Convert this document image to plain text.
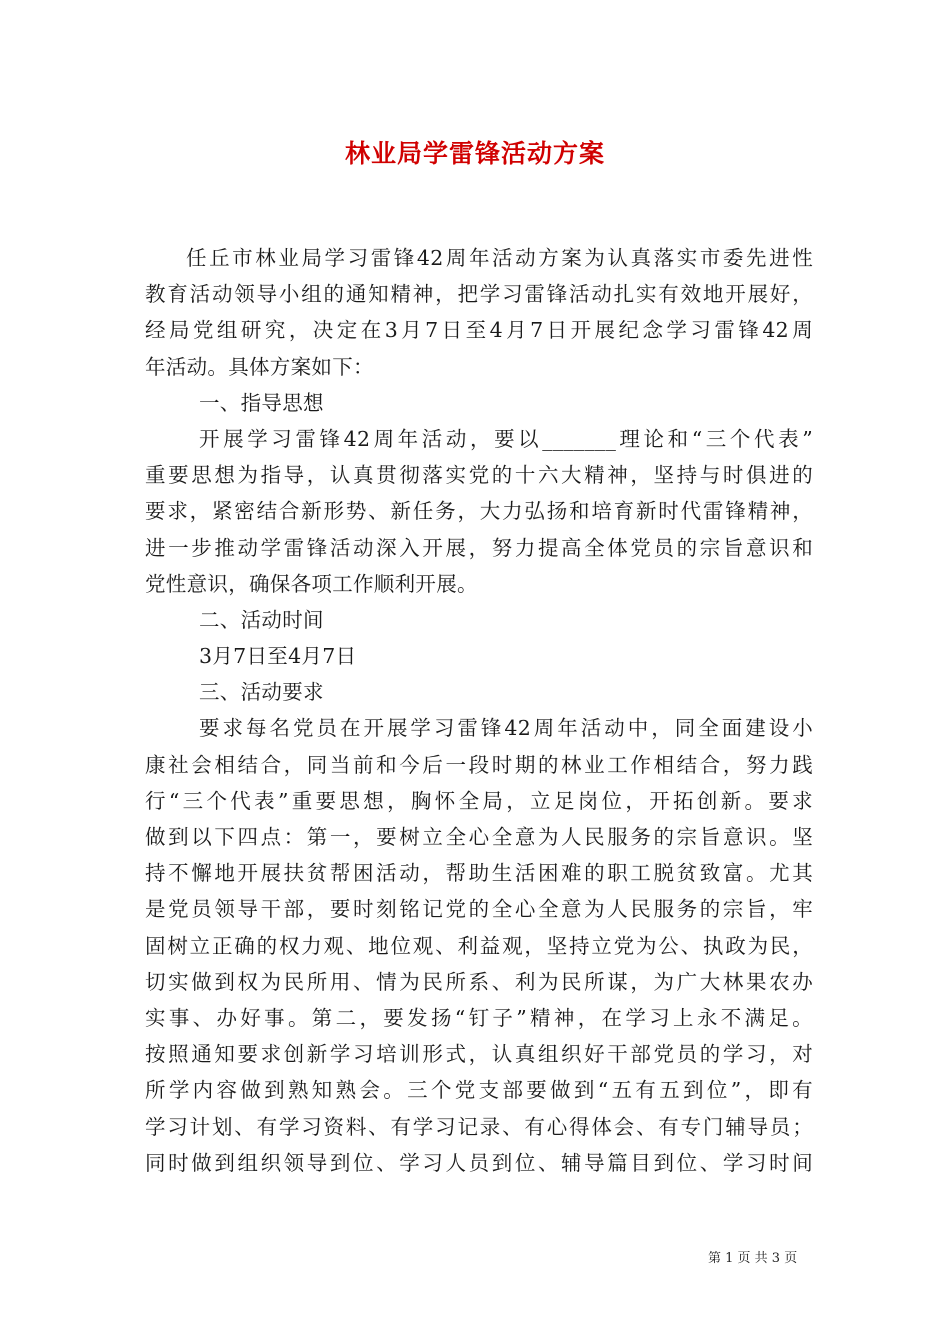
林业局学雷锋活动方案
任丘市林业局学习雷锋42周年活动方案为认真落实市委先进性
教育活动领导小组的通知精神，把学习雷锋活动扎实有效地开展好，
经局党组研究，决定在3月7日至4月7日开展纪念学习雷锋42周
年活动。具体方案如下：
一、指导思想
开展学习雷锋42周年活动，要以_______理论和“三个代表”
重要思想为指导，认真贯彻落实党的十六大精神，坚持与时俱进的
要求，紧密结合新形势、新任务，大力弘扬和培育新时代雷锋精神，
进一步推动学雷锋活动深入开展，努力提高全体党员的宗旨意识和
党性意识，确保各项工作顺利开展。
二、活动时间
3月7日至4月7日
三、活动要求
要求每名党员在开展学习雷锋42周年活动中，同全面建设小
康社会相结合，同当前和今后一段时期的林业工作相结合，努力践
行“三个代表”重要思想，胸怀全局，立足岗位，开拓创新。要求
做到以下四点：第一，要树立全心全意为人民服务的宗旨意识。坚
持不懈地开展扶贫帮困活动，帮助生活困难的职工脱贫致富。尤其
是党员领导干部，要时刻铭记党的全心全意为人民服务的宗旨，牢
固树立正确的权力观、地位观、利益观，坚持立党为公、执政为民，
切实做到权为民所用、情为民所系、利为民所谋，为广大林果农办
实事、办好事。第二，要发扬“钉子”精神，在学习上永不满足。
按照通知要求创新学习培训形式，认真组织好干部党员的学习，对
所学内容做到熟知熟会。三个党支部要做到“五有五到位”，即有
学习计划、有学习资料、有学习记录、有心得体会、有专门辅导员；
同时做到组织领导到位、学习人员到位、辅导篇目到位、学习时间
第 1 页 共 3 页
